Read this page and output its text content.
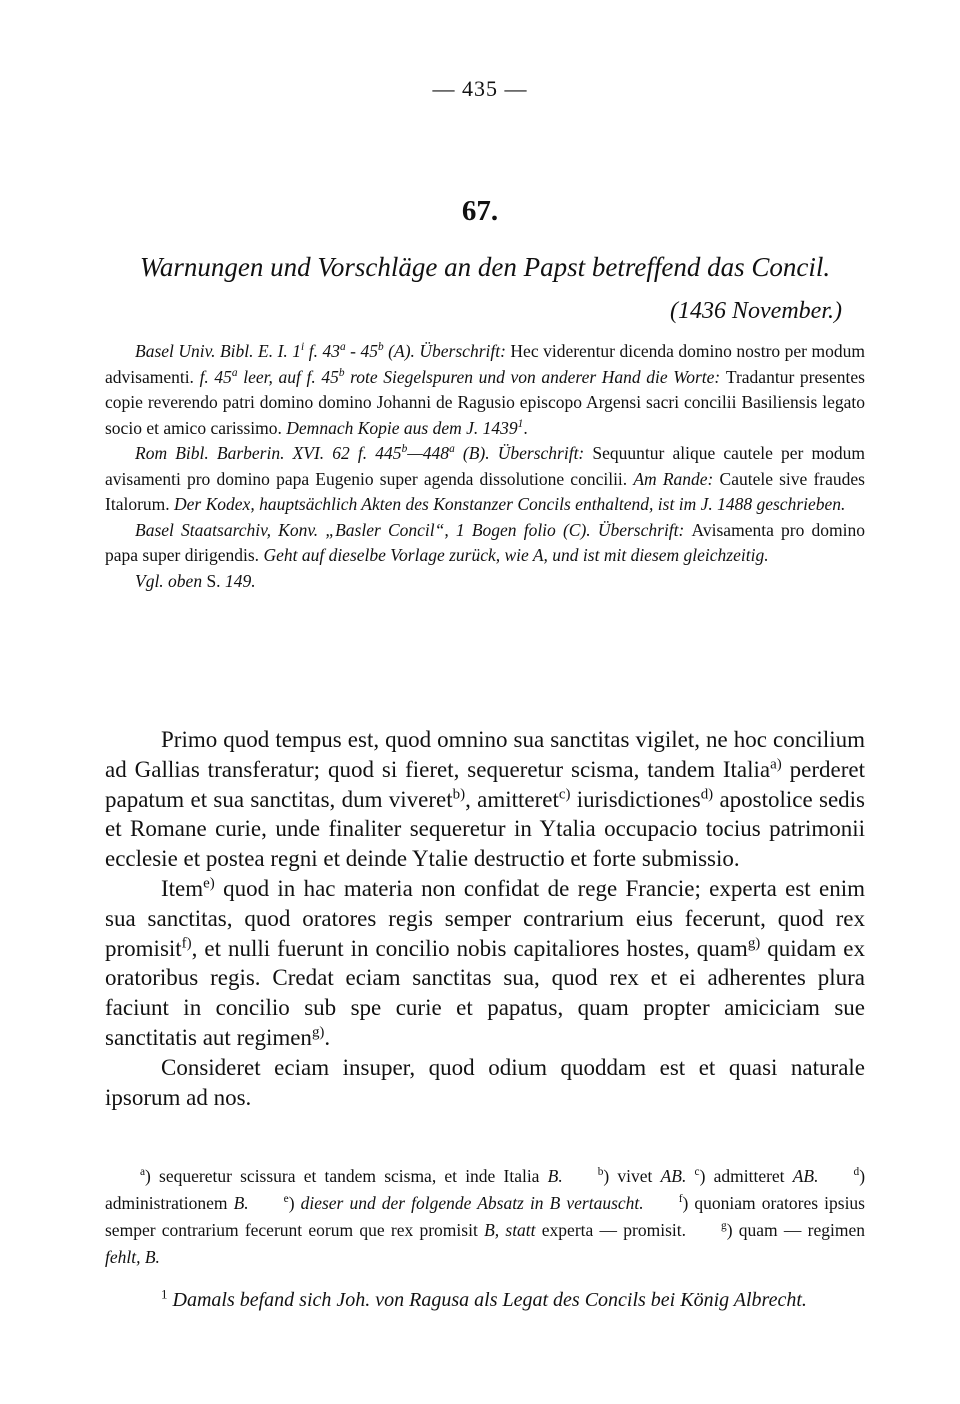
— 435 —
67.
Warnungen und Vorschläge an den Papst betreffend das Concil.
(1436 November.)

Basel Univ. Bibl. E. I. 1$^i$ f. 43$^a$ - 45$^b$ (A). Überschrift: Hec viderentur dicenda domino nostro per modum advisamenti. f. 45$^a$ leer, auf f. 45$^b$ rote Siegelspuren und von anderer Hand die Worte: Tradantur presentes copie reverendo patri domino domino Johanni de Ragusio episcopo Argensi sacri concilii Basiliensis legato socio et amico carissimo. Demnach Kopie aus dem J. 1439$^1$.

Rom Bibl. Barberin. XVI. 62 f. 445$^b$—448$^a$ (B). Überschrift: Sequuntur alique cautele per modum avisamenti pro domino papa Eugenio super agenda dissolutione concilii. Am Rande: Cautele sive fraudes Italorum. Der Kodex, hauptsächlich Akten des Konstanzer Concils enthaltend, ist im J. 1488 geschrieben.

Basel Staatsarchiv, Konv. „Basler Concil“, 1 Bogen folio (C). Überschrift: Avisamenta pro domino papa super dirigendis. Geht auf dieselbe Vorlage zurück, wie A, und ist mit diesem gleichzeitig.

Vgl. oben S. 149.

Primo quod tempus est, quod omnino sua sanctitas vigilet, ne hoc concilium ad Gallias transferatur; quod si fieret, sequeretur scisma, tandem Italia$^{a)}$ perderet papatum et sua sanctitas, dum viveret$^{b)}$, amitteret$^{c)}$ iurisdictiones$^{d)}$ apostolice sedis et Romane curie, unde finaliter sequeretur in Ytalia occupacio tocius patrimonii ecclesie et postea regni et deinde Ytalie destructio et forte submissio.

Item$^{e)}$ quod in hac materia non confidat de rege Francie; experta est enim sua sanctitas, quod oratores regis semper contrarium eius fecerunt, quod rex promisit$^{f)}$, et nulli fuerunt in concilio nobis capitaliores hostes, quam$^{g)}$ quidam ex oratoribus regis. Credat eciam sanctitas sua, quod rex et ei adherentes plura faciunt in concilio sub spe curie et papatus, quam propter amiciciam sue sanctitatis aut regimen$^{g)}$.

Consideret eciam insuper, quod odium quoddam est et quasi naturale ipsorum ad nos.

  $^a$) sequeretur scissura et tandem scisma, et inde Italia B.  	$^b$) vivet AB. $^c$) admitteret AB.  	$^d$) administrationem B.  	$^e$) dieser und der folgende Absatz in B vertauscht.  	$^f$) quoniam oratores ipsius semper contrarium fecerunt eorum que rex promisit B, statt experta — promisit.  	$^g$) quam — regimen fehlt, B.

$^1$ Damals befand sich Joh. von Ragusa als Legat des Concils bei König Albrecht.
